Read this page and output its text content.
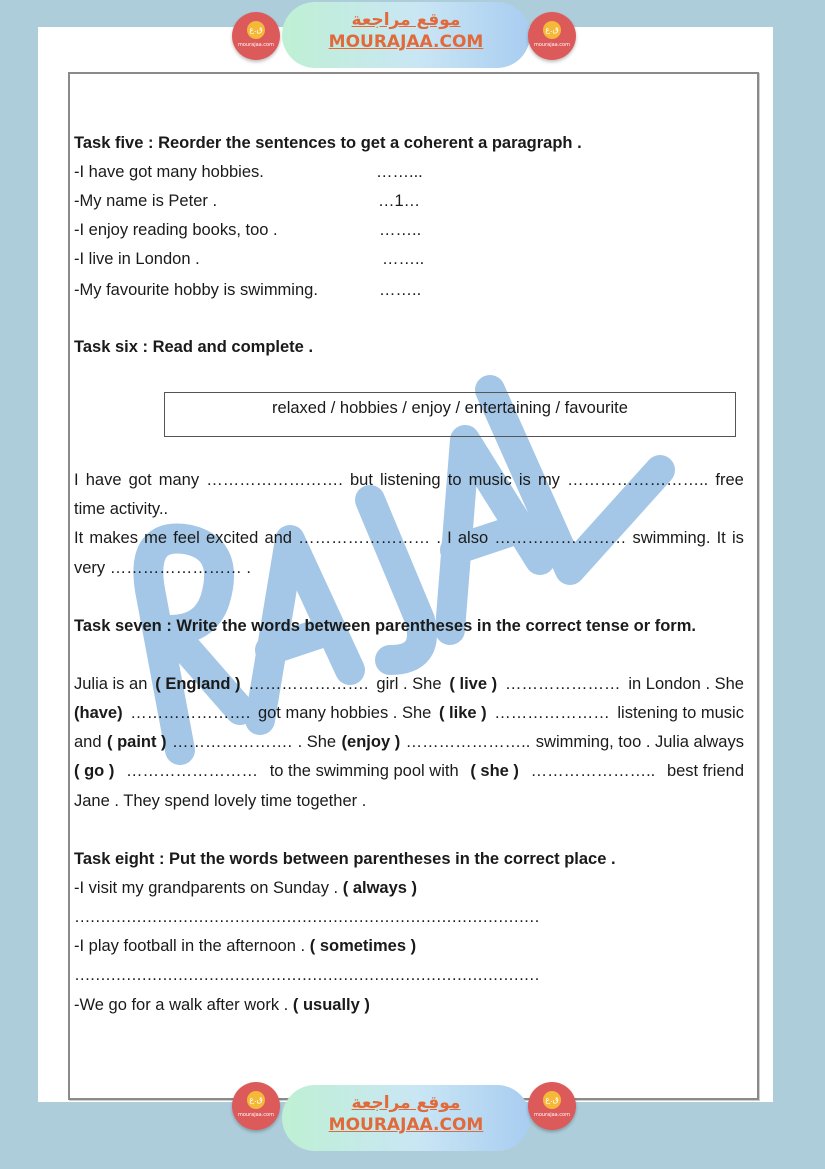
ق.ع
mourajaa.com
موقع مراجعة
MOURAJAA.COM
ق.ع
mourajaa.com
ق.ع
mourajaa.com
موقع مراجعة
MOURAJAA.COM
ق.ع
mourajaa.com
Task five : Reorder the sentences to get a coherent a paragraph .
-I have got many hobbies.	……...
-My name is Peter .	…1…
-I enjoy reading books, too .	……..
-I live in London .	……..
-My favourite hobby is swimming.	……..
Task six : Read and complete .
I have got many ……………………. but listening to music is my …………………….. free
time activity..
It makes me feel excited and …………………… . I also …………………… swimming. It is
very …………………… .
Task seven : Write the words between parentheses in the correct tense or form.
Julia is an ( England ) …………………. girl . She ( live ) ………………… in London . She
(have) …………………. got many hobbies . She ( like ) ………………… listening to music
and ( paint ) …………………. . She (enjoy ) ………………….. swimming, too . Julia always
( go ) …………………… to the swimming pool with ( she ) ………………….. best friend
Jane . They spend lovely time together .
Task eight : Put the words between parentheses in the correct place .
-I visit my grandparents on Sunday . ( always )
………………………………………………………………………………
-I play football in the afternoon . ( sometimes )
………………………………………………………………………………
-We go for a walk after work . ( usually )
relaxed / hobbies / enjoy / entertaining / favourite
